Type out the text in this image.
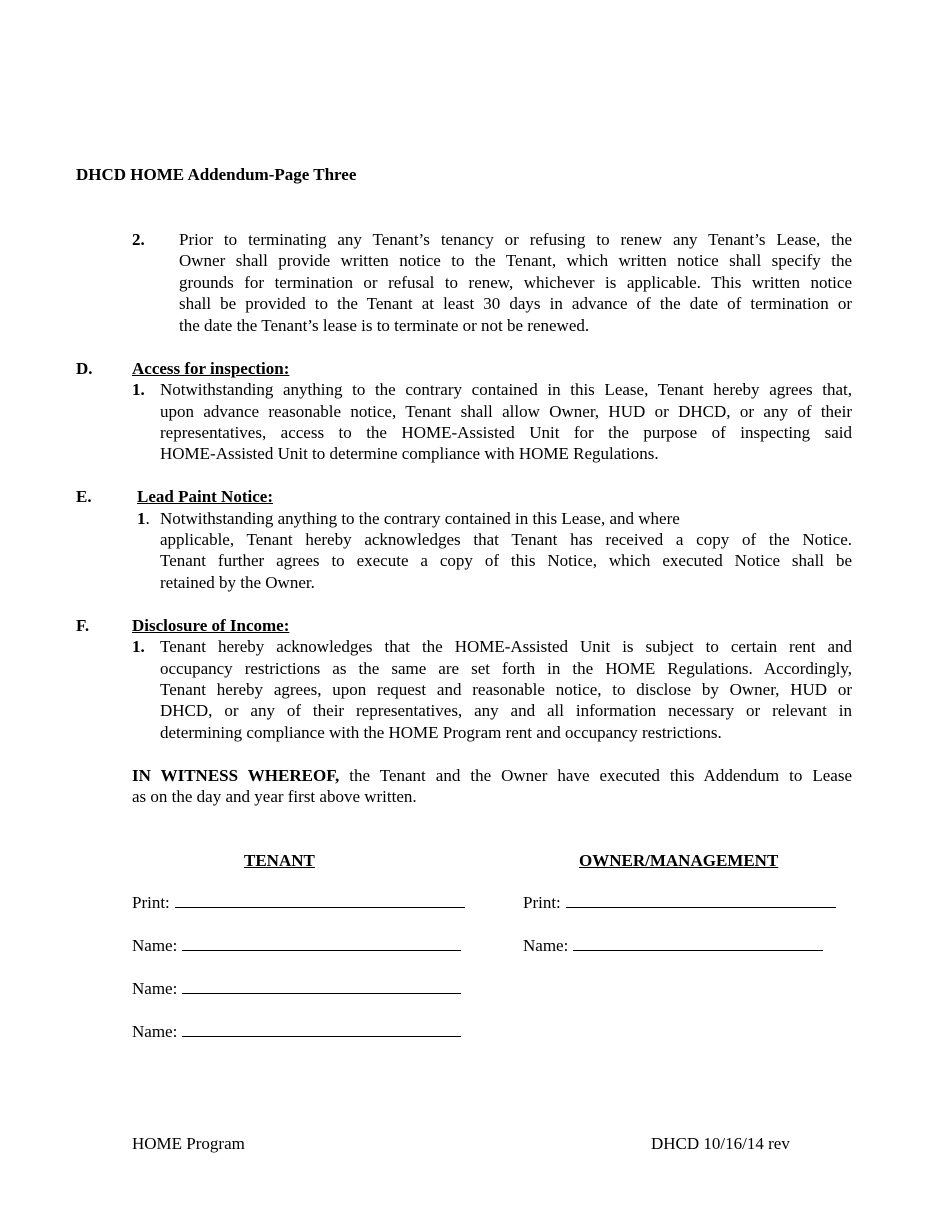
DHCD HOME Addendum-Page Three
2. Prior to terminating any Tenant’s tenancy or refusing to renew any Tenant’s Lease, the
Owner shall provide written notice to the Tenant, which written notice shall specify the
grounds for termination or refusal to renew, whichever is applicable. This written notice
shall be provided to the Tenant at least 30 days in advance of the date of termination or
the date the Tenant’s lease is to terminate or not be renewed.
D. Access for inspection:
1. Notwithstanding anything to the contrary contained in this Lease, Tenant hereby agrees that,
upon advance reasonable notice, Tenant shall allow Owner, HUD or DHCD, or any of their
representatives, access to the HOME-Assisted Unit for the purpose of inspecting said
HOME-Assisted Unit to determine compliance with HOME Regulations.
E.	Lead Paint Notice:
1. Notwithstanding anything to the contrary contained in this Lease, and where
applicable, Tenant hereby acknowledges that Tenant has received a copy of the Notice.
Tenant further agrees to execute a copy of this Notice, which executed Notice shall be
retained by the Owner.
F.	Disclosure of Income:
1. Tenant hereby acknowledges that the HOME-Assisted Unit is subject to certain rent and
occupancy restrictions as the same are set forth in the HOME Regulations. Accordingly,
Tenant hereby agrees, upon request and reasonable notice, to disclose by Owner, HUD or
DHCD, or any of their representatives, any and all information necessary or relevant in
determining compliance with the HOME Program rent and occupancy restrictions.
IN WITNESS WHEREOF, the Tenant and the Owner have executed this Addendum to Lease
as on the day and year first above written.
TENANT
Print:
Name:
Name:
Name:
OWNER/MANAGEMENT
Print:
Name:
HOME Program	DHCD 10/16/14 rev
